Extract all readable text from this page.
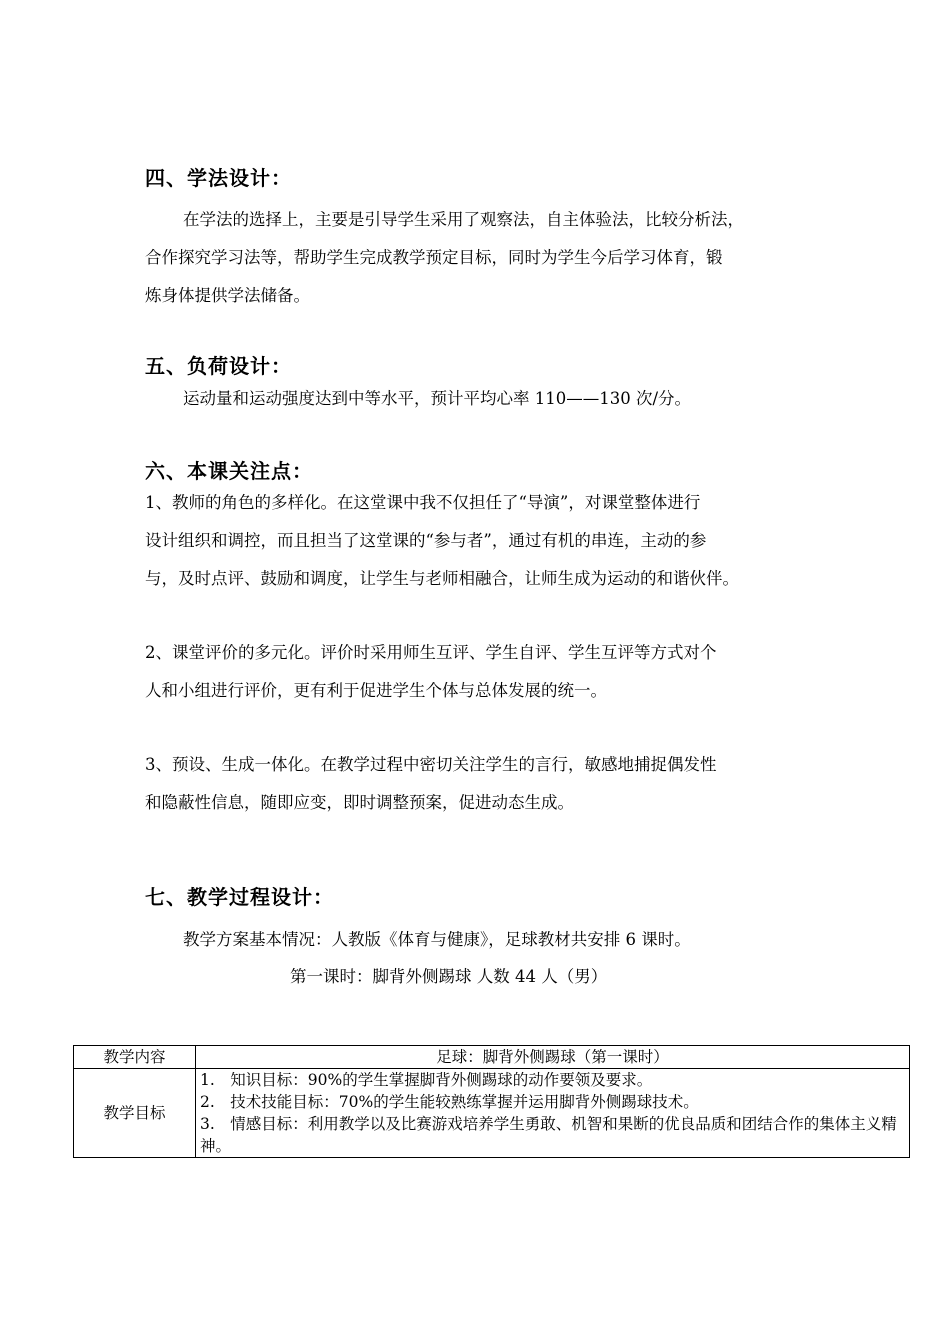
四、学法设计：
在学法的选择上，主要是引导学生采用了观察法，自主体验法，比较分析法，
合作探究学习法等，帮助学生完成教学预定目标，同时为学生今后学习体育，锻
炼身体提供学法储备。
五、负荷设计：
运动量和运动强度达到中等水平，预计平均心率 110——130 次/分。
六、本课关注点：
1、教师的角色的多样化。在这堂课中我不仅担任了“导演”，对课堂整体进行
设计组织和调控，而且担当了这堂课的“参与者”，通过有机的串连，主动的参
与，及时点评、鼓励和调度，让学生与老师相融合，让师生成为运动的和谐伙伴。
2、课堂评价的多元化。评价时采用师生互评、学生自评、学生互评等方式对个
人和小组进行评价，更有利于促进学生个体与总体发展的统一。
3、预设、生成一体化。在教学过程中密切关注学生的言行，敏感地捕捉偶发性
和隐蔽性信息，随即应变，即时调整预案，促进动态生成。
七、教学过程设计：
教学方案基本情况：人教版《体育与健康》，足球教材共安排 6 课时。
第一课时：脚背外侧踢球 人数 44 人（男）
教学内容	足球：脚背外侧踢球（第一课时）
教学目标	1.　知识目标：90%的学生掌握脚背外侧踢球的动作要领及要求。
2.　技术技能目标：70%的学生能较熟练掌握并运用脚背外侧踢球技术。
3.　情感目标：利用教学以及比赛游戏培养学生勇敢、机智和果断的优良品质和团结合作的集体主义精神。
